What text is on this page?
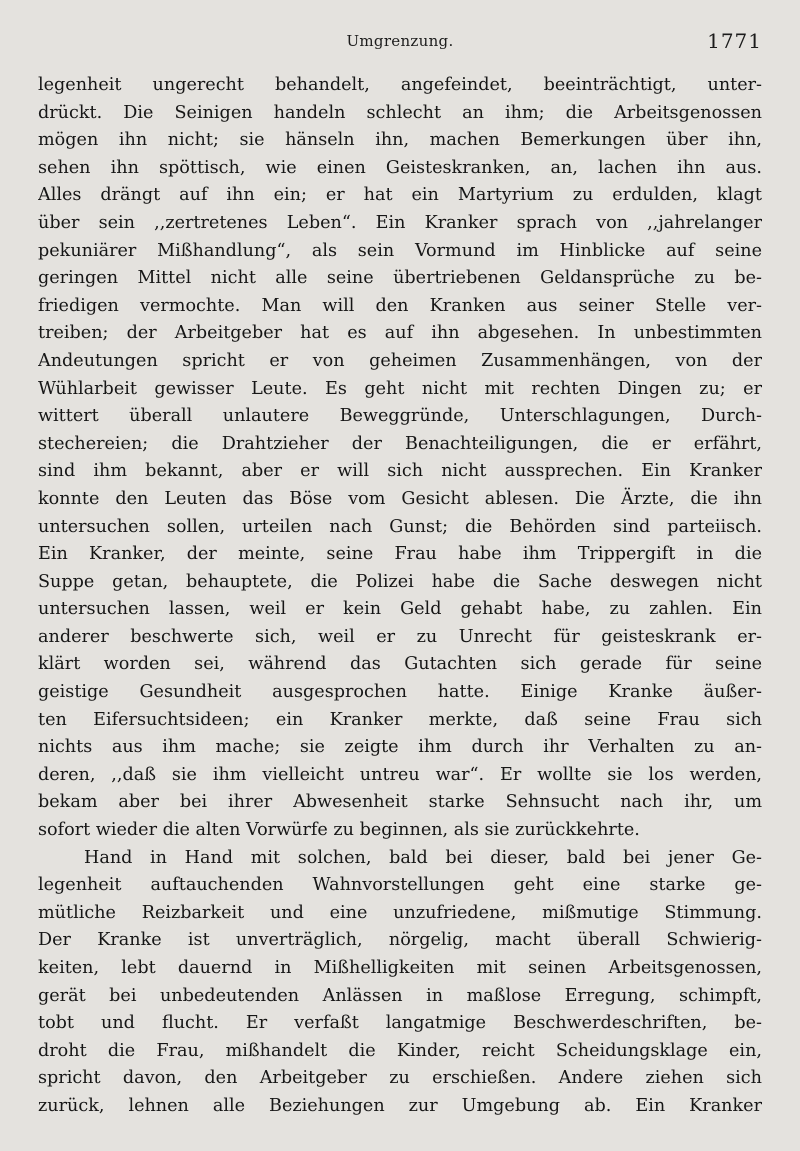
Umgrenzung.	1771
legenheit ungerecht behandelt, angefeindet, beeinträchtigt, unter-
drückt. Die Seinigen handeln schlecht an ihm; die Arbeitsgenossen
mögen ihn nicht; sie hänseln ihn, machen Bemerkungen über ihn,
sehen ihn spöttisch, wie einen Geisteskranken, an, lachen ihn aus.
Alles drängt auf ihn ein; er hat ein Martyrium zu erdulden, klagt
über sein ,,zertretenes Leben“. Ein Kranker sprach von ,,jahrelanger
pekuniärer Mißhandlung“, als sein Vormund im Hinblicke auf seine
geringen Mittel nicht alle seine übertriebenen Geldansprüche zu be-
friedigen vermochte. Man will den Kranken aus seiner Stelle ver-
treiben; der Arbeitgeber hat es auf ihn abgesehen. In unbestimmten
Andeutungen spricht er von geheimen Zusammenhängen, von der
Wühlarbeit gewisser Leute. Es geht nicht mit rechten Dingen zu; er
wittert überall unlautere Beweggründe, Unterschlagungen, Durch-
stechereien; die Drahtzieher der Benachteiligungen, die er erfährt,
sind ihm bekannt, aber er will sich nicht aussprechen. Ein Kranker
konnte den Leuten das Böse vom Gesicht ablesen. Die Ärzte, die ihn
untersuchen sollen, urteilen nach Gunst; die Behörden sind parteiisch.
Ein Kranker, der meinte, seine Frau habe ihm Trippergift in die
Suppe getan, behauptete, die Polizei habe die Sache deswegen nicht
untersuchen lassen, weil er kein Geld gehabt habe, zu zahlen. Ein
anderer beschwerte sich, weil er zu Unrecht für geisteskrank er-
klärt worden sei, während das Gutachten sich gerade für seine
geistige Gesundheit ausgesprochen hatte. Einige Kranke äußer-
ten Eifersuchtsideen; ein Kranker merkte, daß seine Frau sich
nichts aus ihm mache; sie zeigte ihm durch ihr Verhalten zu an-
deren, ,,daß sie ihm vielleicht untreu war“. Er wollte sie los werden,
bekam aber bei ihrer Abwesenheit starke Sehnsucht nach ihr, um
sofort wieder die alten Vorwürfe zu beginnen, als sie zurückkehrte.
Hand in Hand mit solchen, bald bei dieser, bald bei jener Ge-
legenheit auftauchenden Wahnvorstellungen geht eine starke ge-
mütliche Reizbarkeit und eine unzufriedene, mißmutige Stimmung.
Der Kranke ist unverträglich, nörgelig, macht überall Schwierig-
keiten, lebt dauernd in Mißhelligkeiten mit seinen Arbeitsgenossen,
gerät bei unbedeutenden Anlässen in maßlose Erregung, schimpft,
tobt und flucht. Er verfaßt langatmige Beschwerdeschriften, be-
droht die Frau, mißhandelt die Kinder, reicht Scheidungsklage ein,
spricht davon, den Arbeitgeber zu erschießen. Andere ziehen sich
zurück, lehnen alle Beziehungen zur Umgebung ab. Ein Kranker
